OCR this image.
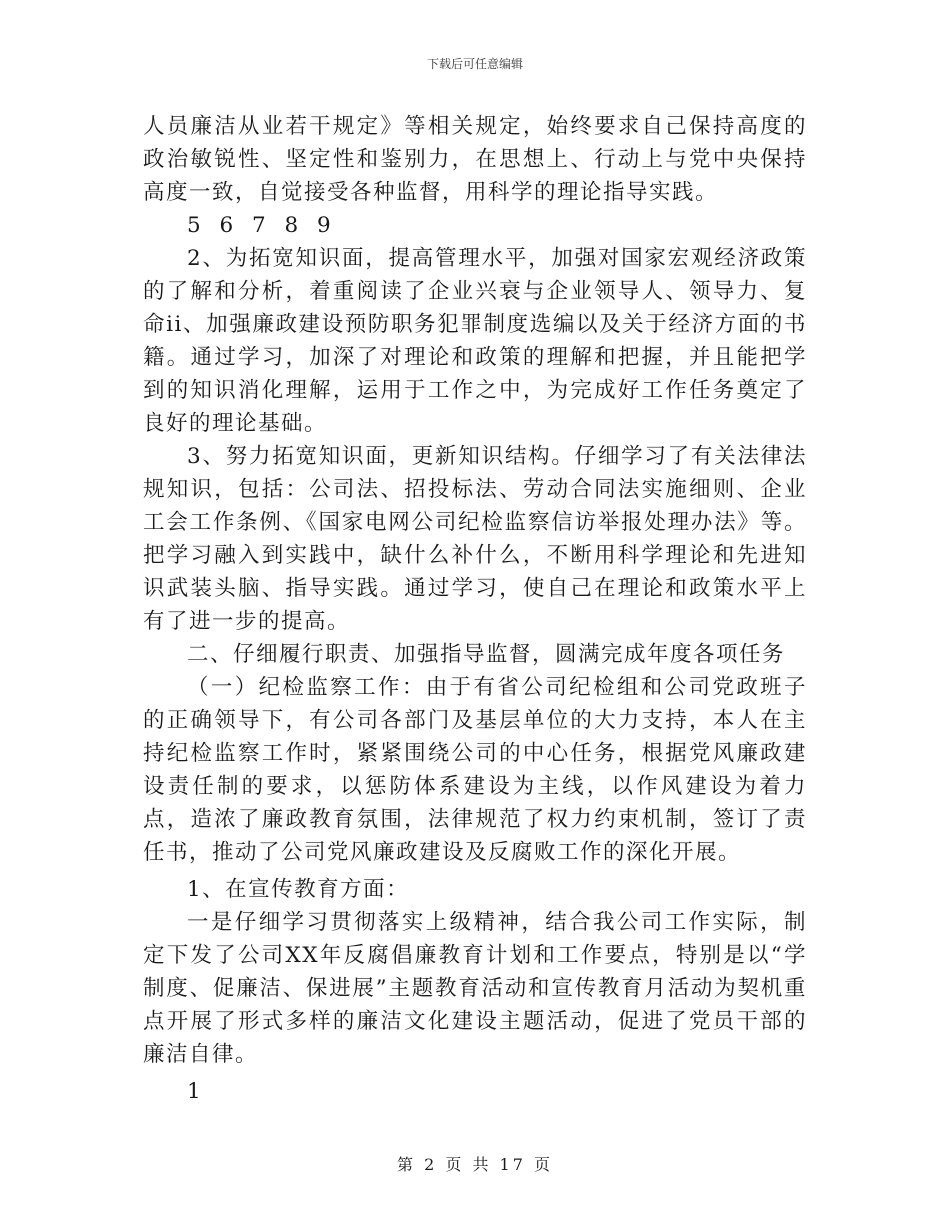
下载后可任意编辑

人员廉洁从业若干规定》等相关规定，始终要求自己保持高度的政治敏锐性、坚定性和鉴别力，在思想上、行动上与党中央保持高度一致，自觉接受各种监督，用科学的理论指导实践。

5 6 7 8 9

2、为拓宽知识面，提高管理水平，加强对国家宏观经济政策的了解和分析，着重阅读了企业兴衰与企业领导人、领导力、复命ii、加强廉政建设预防职务犯罪制度选编以及关于经济方面的书籍。通过学习，加深了对理论和政策的理解和把握，并且能把学到的知识消化理解，运用于工作之中，为完成好工作任务奠定了良好的理论基础。

3、努力拓宽知识面，更新知识结构。仔细学习了有关法律法规知识，包括：公司法、招投标法、劳动合同法实施细则、企业工会工作条例、《国家电网公司纪检监察信访举报处理办法》等。把学习融入到实践中，缺什么补什么，不断用科学理论和先进知识武装头脑、指导实践。通过学习，使自己在理论和政策水平上有了进一步的提高。

二、仔细履行职责、加强指导监督，圆满完成年度各项任务

（一）纪检监察工作：由于有省公司纪检组和公司党政班子的正确领导下，有公司各部门及基层单位的大力支持，本人在主持纪检监察工作时，紧紧围绕公司的中心任务，根据党风廉政建设责任制的要求，以惩防体系建设为主线，以作风建设为着力点，造浓了廉政教育氛围，法律规范了权力约束机制，签订了责任书，推动了公司党风廉政建设及反腐败工作的深化开展。

1、在宣传教育方面：

一是仔细学习贯彻落实上级精神，结合我公司工作实际，制定下发了公司XX年反腐倡廉教育计划和工作要点，特别是以“学制度、促廉洁、保进展”主题教育活动和宣传教育月活动为契机重点开展了形式多样的廉洁文化建设主题活动，促进了党员干部的廉洁自律。

1

第 2 页 共 17 页
